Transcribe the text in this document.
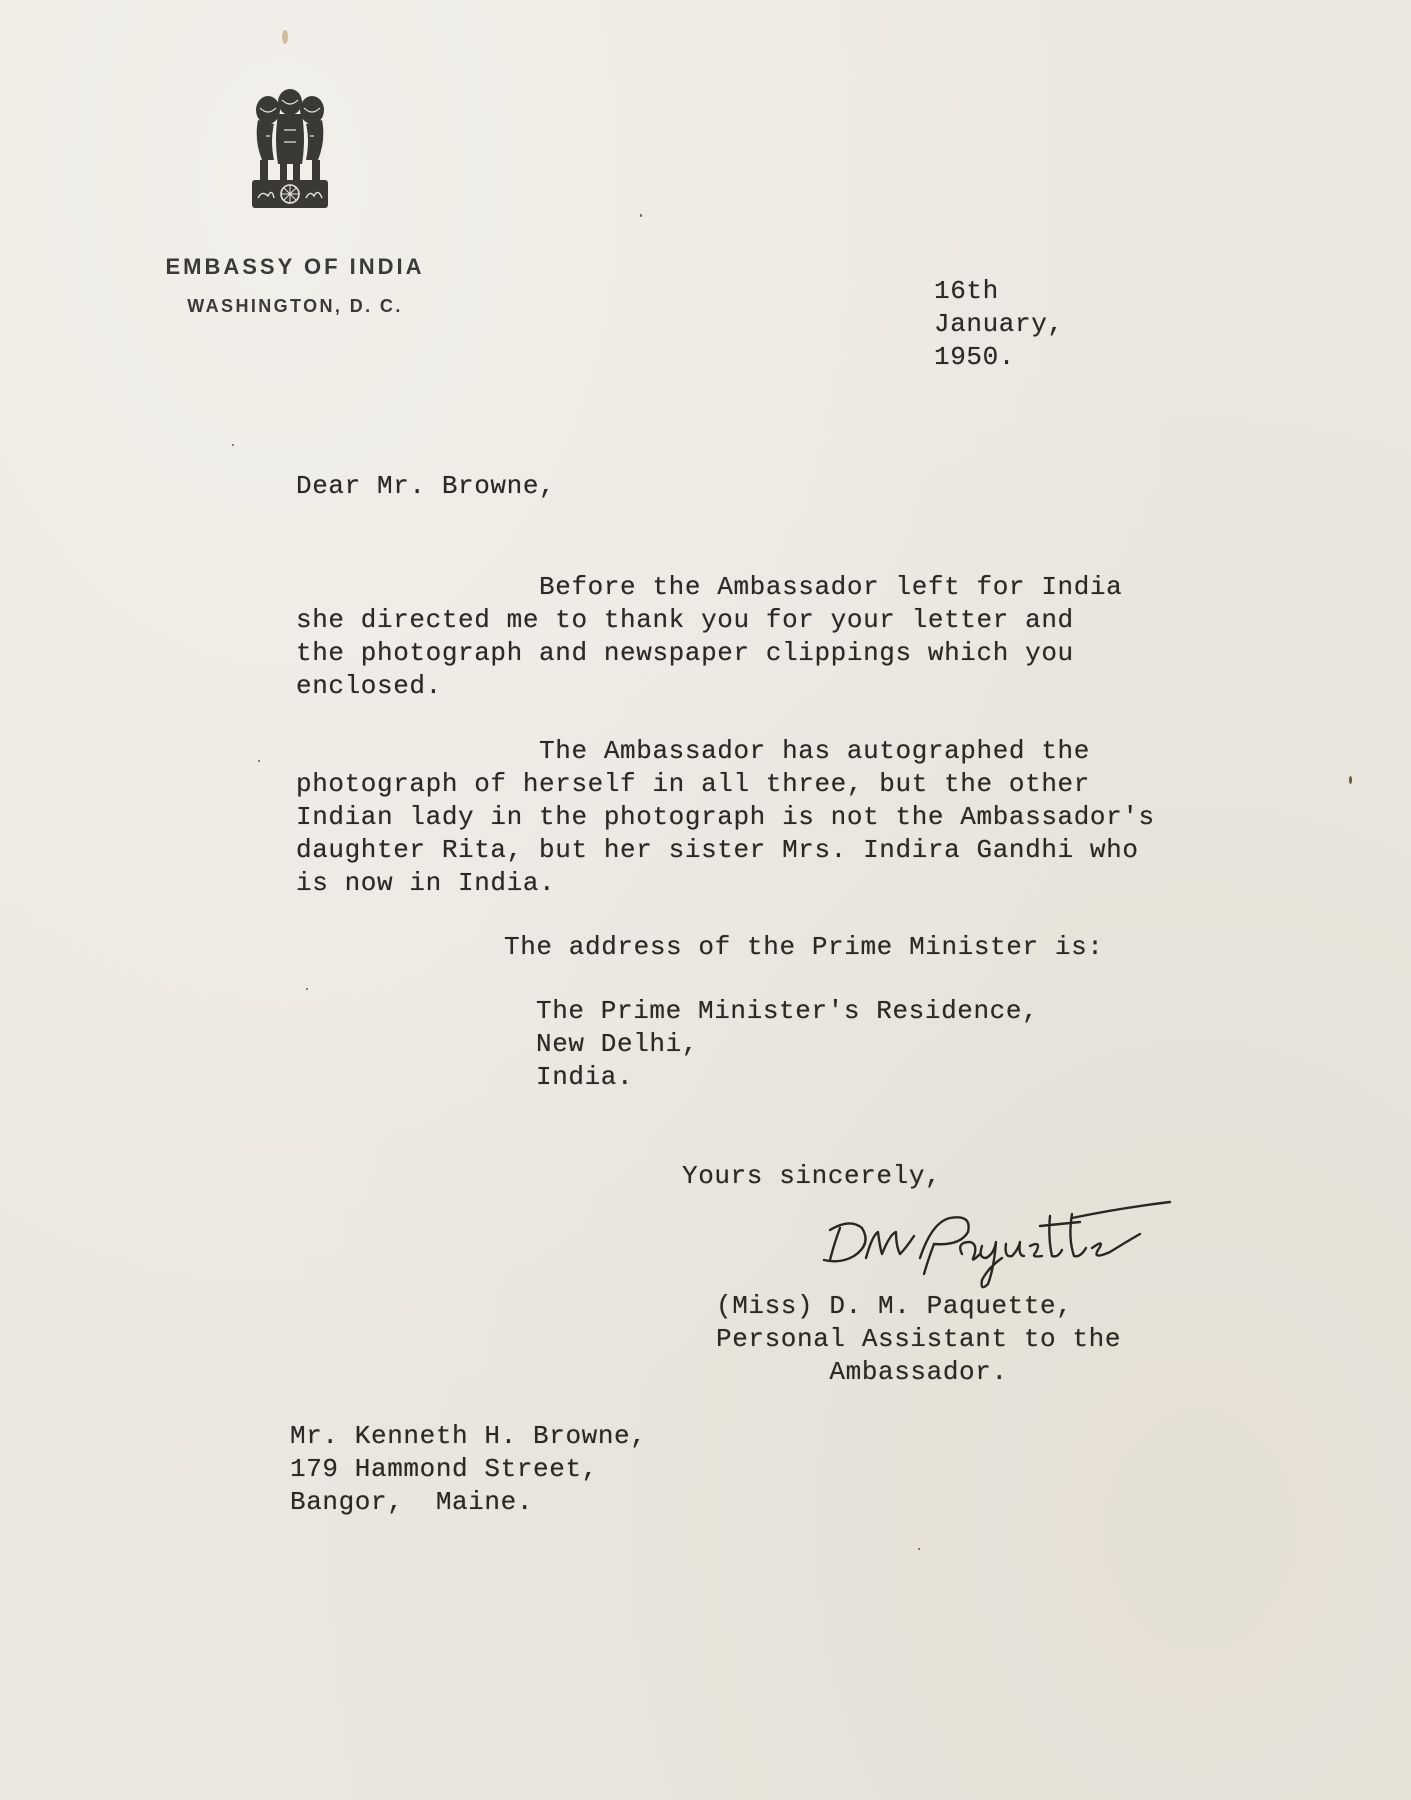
EMBASSY OF INDIA
WASHINGTON, D. C.	16th
January,
1950.
Dear Mr. Browne,
Before the Ambassador left for India
she directed me to thank you for your letter and
the photograph and newspaper clippings which you
enclosed.
The Ambassador has autographed the
photograph of herself in all three, but the other
Indian lady in the photograph is not the Ambassador's
daughter Rita, but her sister Mrs. Indira Gandhi who
is now in India.
The address of the Prime Minister is:
The Prime Minister's Residence,
New Delhi,
India.
Yours sincerely,
(Miss) D. M. Paquette,
Personal Assistant to the
Ambassador.
Mr. Kenneth H. Browne,
179 Hammond Street,
Bangor,  Maine.
